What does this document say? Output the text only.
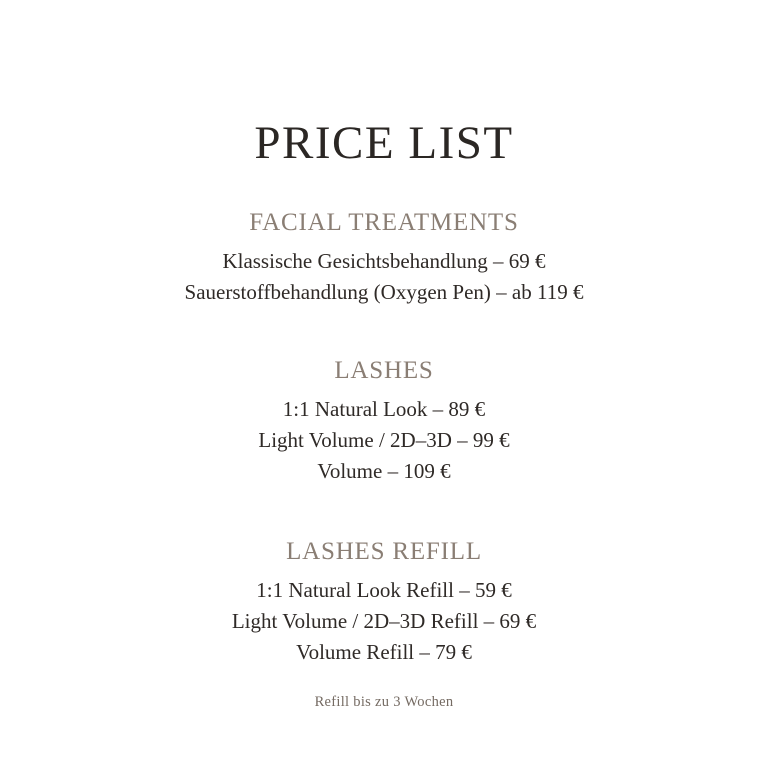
PRICE LIST
FACIAL TREATMENTS

Klassische Gesichtsbehandlung – 69 €

Sauerstoffbehandlung (Oxygen Pen) – ab 119 €

LASHES

1:1 Natural Look – 89 €

Light Volume / 2D–3D – 99 €

Volume – 109 €

LASHES REFILL

1:1 Natural Look Refill – 59 €

Light Volume / 2D–3D Refill – 69 €

Volume Refill – 79 €

Refill bis zu 3 Wochen
